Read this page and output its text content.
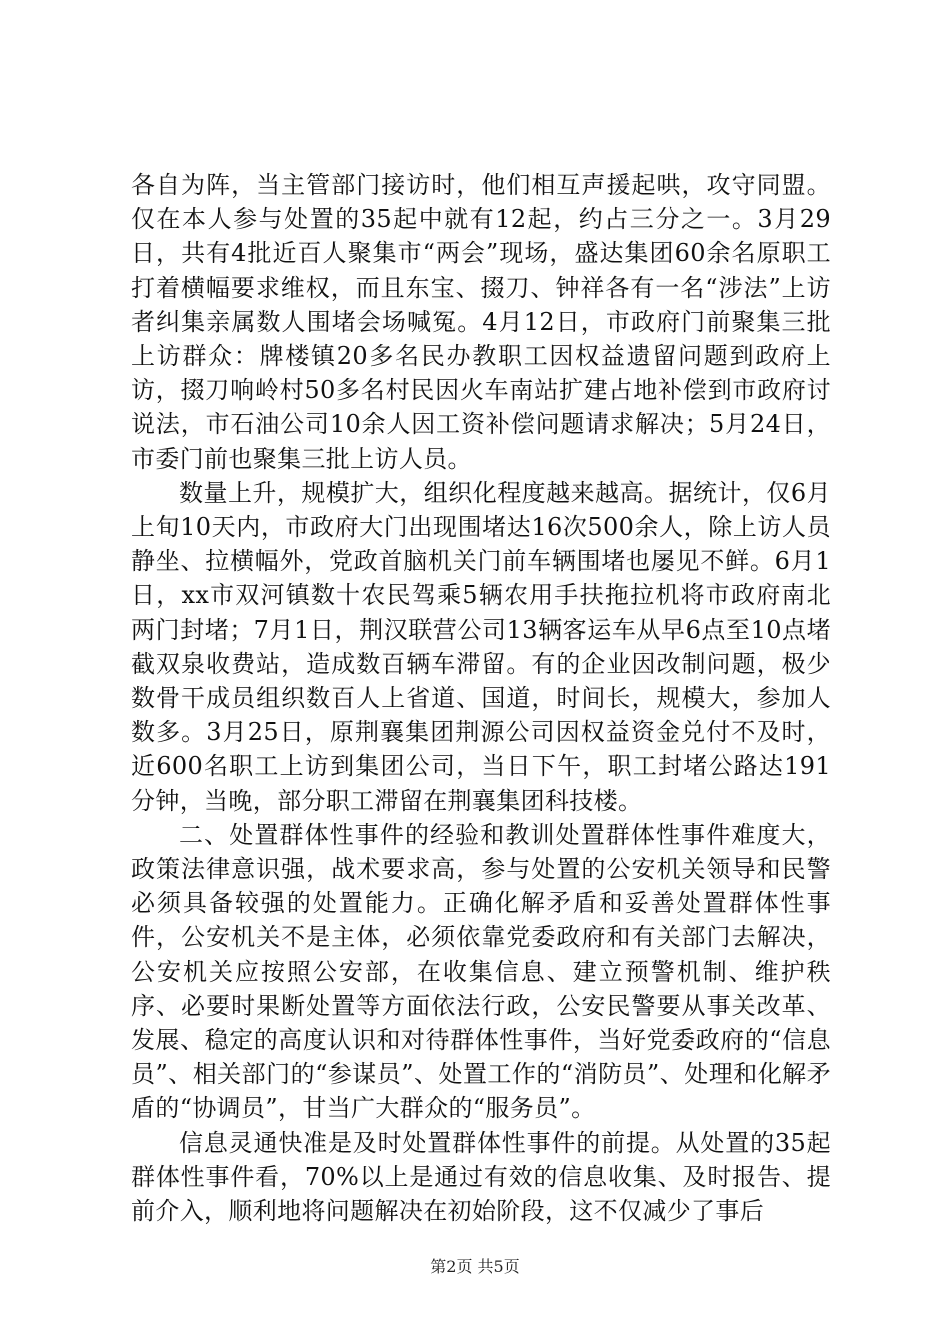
各自为阵，当主管部门接访时，他们相互声援起哄，攻守同盟。仅在本人参与处置的35起中就有12起，约占三分之一。3月29日，共有4批近百人聚集市“两会”现场，盛达集团60余名原职工打着横幅要求维权，而且东宝、掇刀、钟祥各有一名“涉法”上访者纠集亲属数人围堵会场喊冤。4月12日，市政府门前聚集三批上访群众：牌楼镇20多名民办教职工因权益遗留问题到政府上访，掇刀响岭村50多名村民因火车南站扩建占地补偿到市政府讨说法，市石油公司10余人因工资补偿问题请求解决；5月24日，市委门前也聚集三批上访人员。

数量上升，规模扩大，组织化程度越来越高。据统计，仅6月上旬10天内，市政府大门出现围堵达16次500余人，除上访人员静坐、拉横幅外，党政首脑机关门前车辆围堵也屡见不鲜。6月1日，xx市双河镇数十农民驾乘5辆农用手扶拖拉机将市政府南北两门封堵；7月1日，荆汉联营公司13辆客运车从早6点至10点堵截双泉收费站，造成数百辆车滞留。有的企业因改制问题，极少数骨干成员组织数百人上省道、国道，时间长，规模大，参加人数多。3月25日，原荆襄集团荆源公司因权益资金兑付不及时，近600名职工上访到集团公司，当日下午，职工封堵公路达191分钟，当晚，部分职工滞留在荆襄集团科技楼。

二、处置群体性事件的经验和教训处置群体性事件难度大，政策法律意识强，战术要求高，参与处置的公安机关领导和民警必须具备较强的处置能力。正确化解矛盾和妥善处置群体性事件，公安机关不是主体，必须依靠党委政府和有关部门去解决，公安机关应按照公安部，在收集信息、建立预警机制、维护秩序、必要时果断处置等方面依法行政，公安民警要从事关改革、发展、稳定的高度认识和对待群体性事件，当好党委政府的“信息员”、相关部门的“参谋员”、处置工作的“消防员”、处理和化解矛盾的“协调员”，甘当广大群众的“服务员”。

信息灵通快准是及时处置群体性事件的前提。从处置的35起群体性事件看，70%以上是通过有效的信息收集、及时报告、提前介入，顺利地将问题解决在初始阶段，这不仅减少了事后

第2页 共5页
